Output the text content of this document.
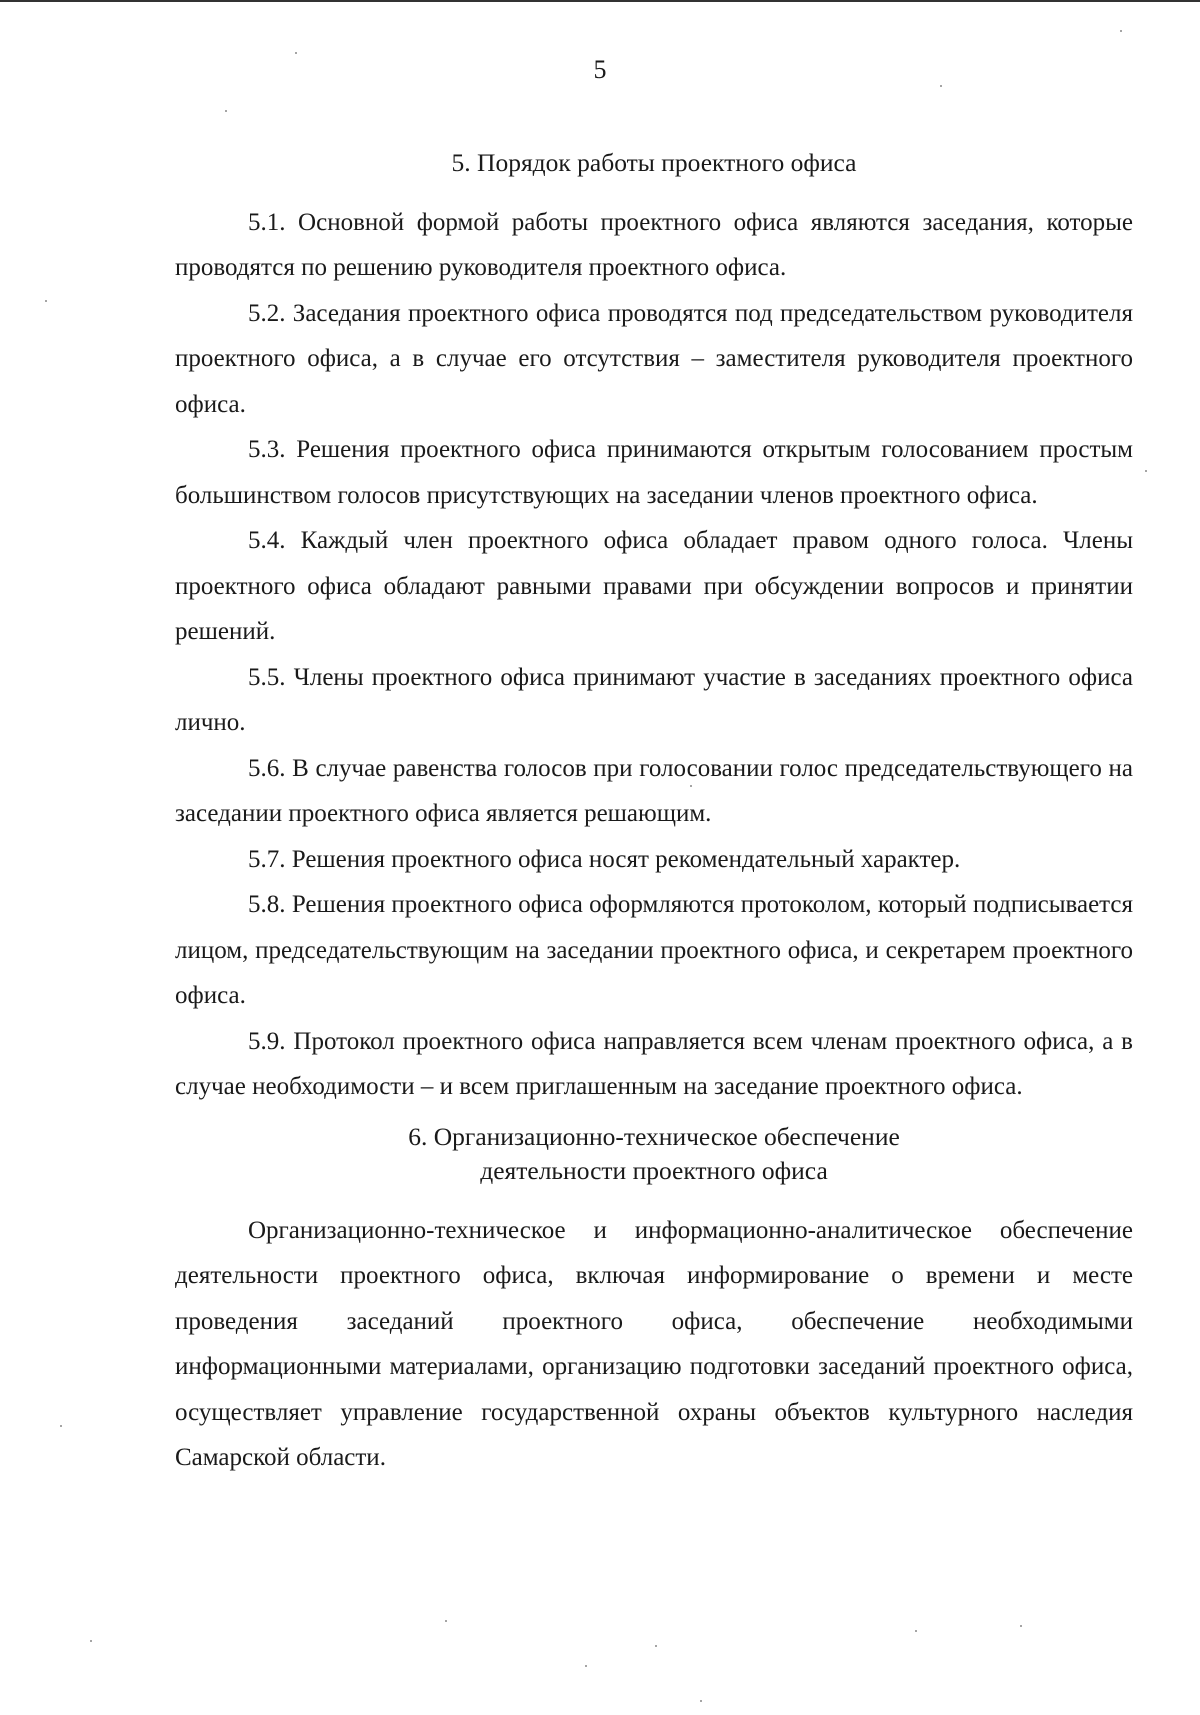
5
5. Порядок работы проектного офиса

5.1. Основной формой работы проектного офиса являются заседания, которые проводятся по решению руководителя проектного офиса.

5.2. Заседания проектного офиса проводятся под председательством руководителя проектного офиса, а в случае его отсутствия – заместителя руководителя проектного офиса.

5.3. Решения проектного офиса принимаются открытым голосованием простым большинством голосов присутствующих на заседании членов проектного офиса.

5.4. Каждый член проектного офиса обладает правом одного голоса. Члены проектного офиса обладают равными правами при обсуждении вопросов и принятии решений.

5.5. Члены проектного офиса принимают участие в заседаниях проектного офиса лично.

5.6. В случае равенства голосов при голосовании голос председательствующего на заседании проектного офиса является решающим.

5.7. Решения проектного офиса носят рекомендательный характер.

5.8. Решения проектного офиса оформляются протоколом, который подписывается лицом, председательствующим на заседании проектного офиса, и секретарем проектного офиса.

5.9. Протокол проектного офиса направляется всем членам проектного офиса, а в случае необходимости – и всем приглашенным на заседание проектного офиса.

6. Организационно-техническое обеспечение
деятельности проектного офиса

Организационно-техническое и информационно-аналитическое обеспечение деятельности проектного офиса, включая информирование о времени и месте проведения заседаний проектного офиса, обеспечение необходимыми информационными материалами, организацию подготовки заседаний проектного офиса, осуществляет управление государственной охраны объектов культурного наследия Самарской области.
